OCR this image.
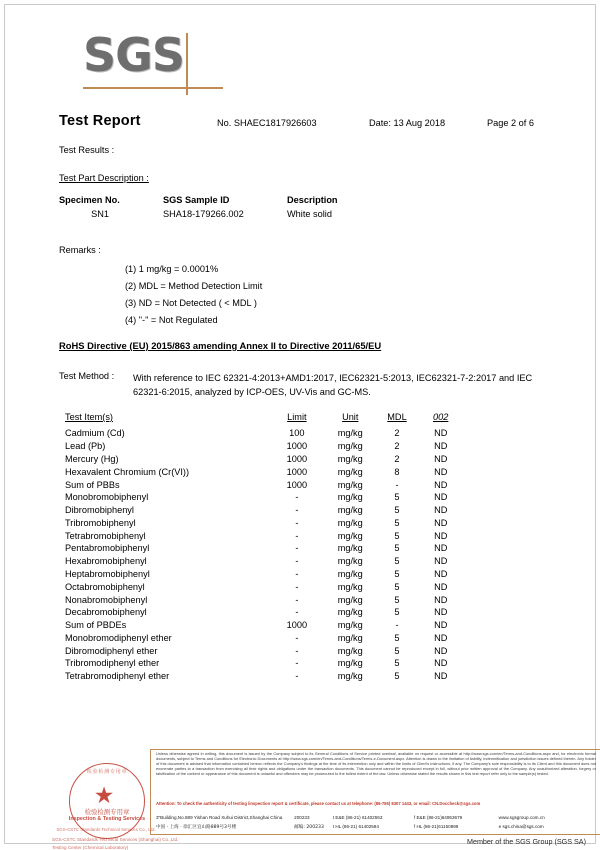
SGS
Test Report	No. SHAEC1817926603	Date: 13 Aug 2018	Page 2 of 6
Test Results :
Test Part Description :
Specimen No.	SGS Sample ID	Description
SN1	SHA18-179266.002	White solid
Remarks :
(1) 1 mg/kg = 0.0001%
(2) MDL = Method Detection Limit
(3) ND = Not Detected ( < MDL )
(4) "-" = Not Regulated
RoHS Directive (EU) 2015/863 amending Annex II to Directive 2011/65/EU
Test Method : With reference to IEC 62321-4:2013+AMD1:2017, IEC62321-5:2013, IEC62321-7-2:2017 and IEC 62321-6:2015, analyzed by ICP-OES, UV-Vis and GC-MS.
Test Item(s)	Limit	Unit	MDL	002
Cadmium (Cd)	100	mg/kg	2	ND
Lead (Pb)	1000	mg/kg	2	ND
Mercury (Hg)	1000	mg/kg	2	ND
Hexavalent Chromium (Cr(VI))	1000	mg/kg	8	ND
Sum of PBBs	1000	mg/kg	-	ND
Monobromobiphenyl	-	mg/kg	5	ND
Dibromobiphenyl	-	mg/kg	5	ND
Tribromobiphenyl	-	mg/kg	5	ND
Tetrabromobiphenyl	-	mg/kg	5	ND
Pentabromobiphenyl	-	mg/kg	5	ND
Hexabromobiphenyl	-	mg/kg	5	ND
Heptabromobiphenyl	-	mg/kg	5	ND
Octabromobiphenyl	-	mg/kg	5	ND
Nonabromobiphenyl	-	mg/kg	5	ND
Decabromobiphenyl	-	mg/kg	5	ND
Sum of PBDEs	1000	mg/kg	-	ND
Monobromodiphenyl ether	-	mg/kg	5	ND
Dibromodiphenyl ether	-	mg/kg	5	ND
Tribromodiphenyl ether	-	mg/kg	5	ND
Tetrabromodiphenyl ether	-	mg/kg	5	ND
检验检测专用章
★
检验检测专用章
Inspection & Testing Services
SGS-CSTC Standards Technical Services Co., Ltd.
SGS-CSTC Standards Technical Services (Shanghai) Co.,Ltd.
Testing Center (Chemical Laboratory)
Unless otherwise agreed in writing, this document is issued by the Company subject to its General Conditions of Service printed overleaf, available on request or accessible at http://www.sgs.com/en/Terms-and-Conditions.aspx and, for electronic format documents, subject to Terms and Conditions for Electronic Documents at http://www.sgs.com/en/Terms-and-Conditions/Terms-e-Document.aspx. Attention is drawn to the limitation of liability, indemnification and jurisdiction issues defined therein. Any holder of this document is advised that information contained hereon reflects the Company's findings at the time of its intervention only and within the limits of Client's instructions, if any. The Company's sole responsibility is to its Client and this document does not exonerate parties to a transaction from exercising all their rights and obligations under the transaction documents. This document cannot be reproduced except in full, without prior written approval of the Company. Any unauthorized alteration, forgery or falsification of the content or appearance of this document is unlawful and offenders may be prosecuted to the fullest extent of the law. Unless otherwise stated the results shown in this test report refer only to the sample(s) tested.
Attention: To check the authenticity of testing /inspection report & certificate, please contact us at telephone: (86-755) 8307 1443, or email: CN.Doccheck@sgs.com
3"Building,No.889 Yishan Road Xuhui District,Shanghai China	200233	t E&E (86-21) 61402553	f E&E (86-21)64953679	www.sgsgroup.com.cn
中国 · 上海 · 徐汇区宜山路889号3号楼	邮编: 200233	t HL (86-21) 61402594	f HL (86-21)61150899	e sgs.china@sgs.com
Member of the SGS Group (SGS SA)
